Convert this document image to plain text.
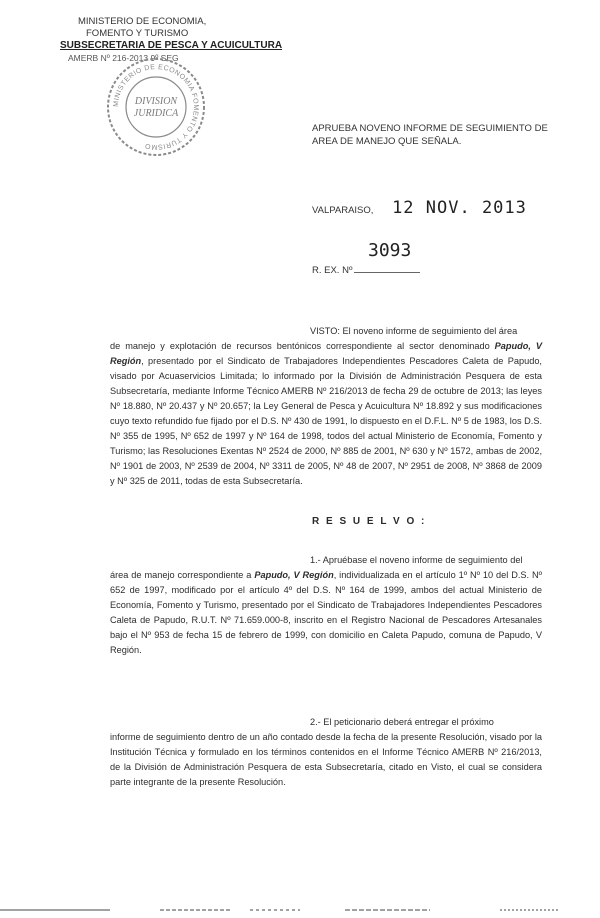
MINISTERIO DE ECONOMIA,
FOMENTO Y TURISMO
SUBSECRETARIA DE PESCA Y ACUICULTURA
AMERB Nº 216-2013 9º SEG
MINISTERIO DE ECONOMIA FOMENTO Y TURISMO
DIVISION
JURIDICA
APRUEBA NOVENO INFORME DE SEGUIMIENTO DE AREA DE MANEJO QUE SEÑALA.
VALPARAISO, 12 NOV. 2013
3093
R. EX. Nº
VISTO: El noveno informe de seguimiento del área
de manejo y explotación de recursos bentónicos correspondiente al sector denominado Papudo, V Región, presentado por el Sindicato de Trabajadores Independientes Pescadores Caleta de Papudo, visado por Acuaservicios Limitada; lo informado por la División de Administración Pesquera de esta Subsecretaría, mediante Informe Técnico AMERB Nº 216/2013 de fecha 29 de octubre de 2013; las leyes Nº 18.880, Nº 20.437 y Nº 20.657; la Ley General de Pesca y Acuicultura Nº 18.892 y sus modificaciones cuyo texto refundido fue fijado por el D.S. Nº 430 de 1991, lo dispuesto en el D.F.L. Nº 5 de 1983, los D.S. Nº 355 de 1995, Nº 652 de 1997 y Nº 164 de 1998, todos del actual Ministerio de Economía, Fomento y Turismo; las Resoluciones Exentas Nº 2524 de 2000, Nº 885 de 2001, Nº 630 y Nº 1572, ambas de 2002, Nº 1901 de 2003, Nº 2539 de 2004, Nº 3311 de 2005, Nº 48 de 2007, Nº 2951 de 2008, Nº 3868 de 2009 y Nº 325 de 2011, todas de esta Subsecretaría.
R E S U E L V O :
1.- Apruébase el noveno informe de seguimiento del
área de manejo correspondiente a Papudo, V Región, individualizada en el artículo 1º Nº 10 del D.S. Nº 652 de 1997, modificado por el artículo 4º del D.S. Nº 164 de 1999, ambos del actual Ministerio de Economía, Fomento y Turismo, presentado por el Sindicato de Trabajadores Independientes Pescadores Caleta de Papudo, R.U.T. Nº 71.659.000-8, inscrito en el Registro Nacional de Pescadores Artesanales bajo el Nº 953 de fecha 15 de febrero de 1999, con domicilio en Caleta Papudo, comuna de Papudo, V Región.
2.- El peticionario deberá entregar el próximo
informe de seguimiento dentro de un año contado desde la fecha de la presente Resolución, visado por la Institución Técnica y formulado en los términos contenidos en el Informe Técnico AMERB Nº 216/2013, de la División de Administración Pesquera de esta Subsecretaría, citado en Visto, el cual se considera parte integrante de la presente Resolución.
